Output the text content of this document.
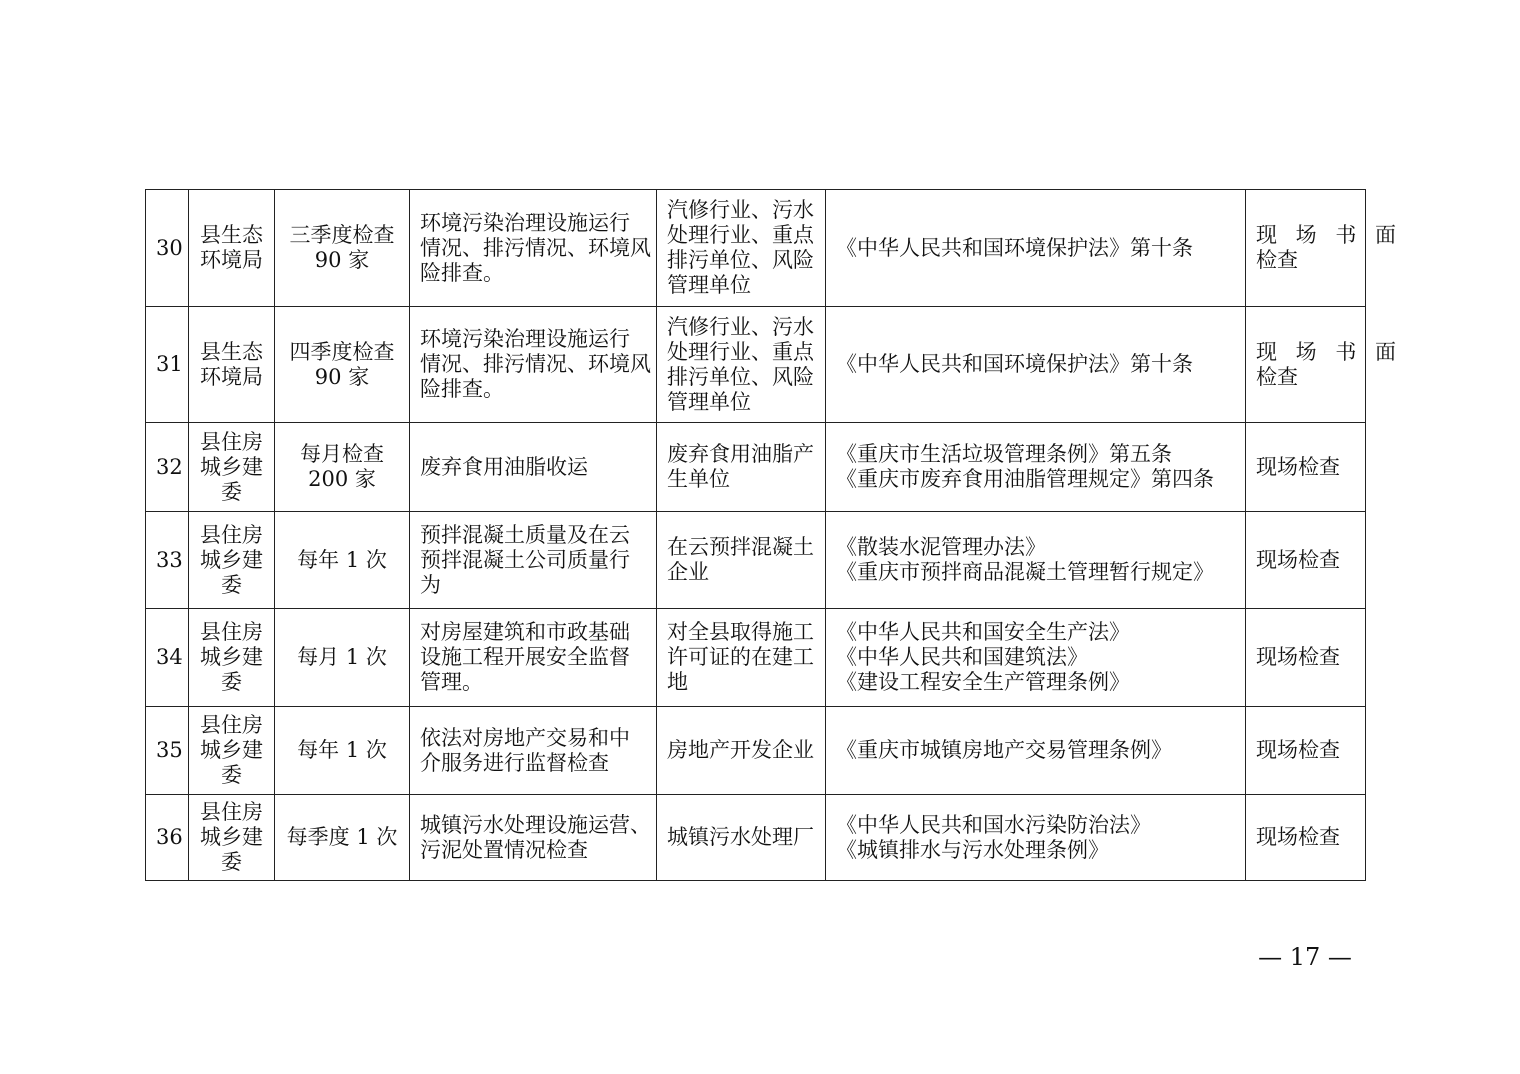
30	县生态
环境局	三季度检查
90 家	环境污染治理设施运行
情况、排污情况、环境风
险排查。	汽修行业、污水
处理行业、重点
排污单位、风险
管理单位	《中华人民共和国环境保护法》第十条	现 场 书 面
检查

31	县生态
环境局	四季度检查
90 家	环境污染治理设施运行
情况、排污情况、环境风
险排查。	汽修行业、污水
处理行业、重点
排污单位、风险
管理单位	《中华人民共和国环境保护法》第十条	现 场 书 面
检查

32	县住房
城乡建
委	每月检查
200 家	废弃食用油脂收运	废弃食用油脂产
生单位	《重庆市生活垃圾管理条例》第五条
《重庆市废弃食用油脂管理规定》第四条	现场检查

33	县住房
城乡建
委	每年 1 次	预拌混凝土质量及在云
预拌混凝土公司质量行
为	在云预拌混凝土
企业	《散装水泥管理办法》
《重庆市预拌商品混凝土管理暂行规定》	现场检查

34	县住房
城乡建
委	每月 1 次	对房屋建筑和市政基础
设施工程开展安全监督
管理。	对全县取得施工
许可证的在建工
地	《中华人民共和国安全生产法》
《中华人民共和国建筑法》
《建设工程安全生产管理条例》	现场检查

35	县住房
城乡建
委	每年 1 次	依法对房地产交易和中
介服务进行监督检查	房地产开发企业	《重庆市城镇房地产交易管理条例》	现场检查

36	县住房
城乡建
委	每季度 1 次	城镇污水处理设施运营、
污泥处置情况检查	城镇污水处理厂	《中华人民共和国水污染防治法》
《城镇排水与污水处理条例》	现场检查
— 17 —
